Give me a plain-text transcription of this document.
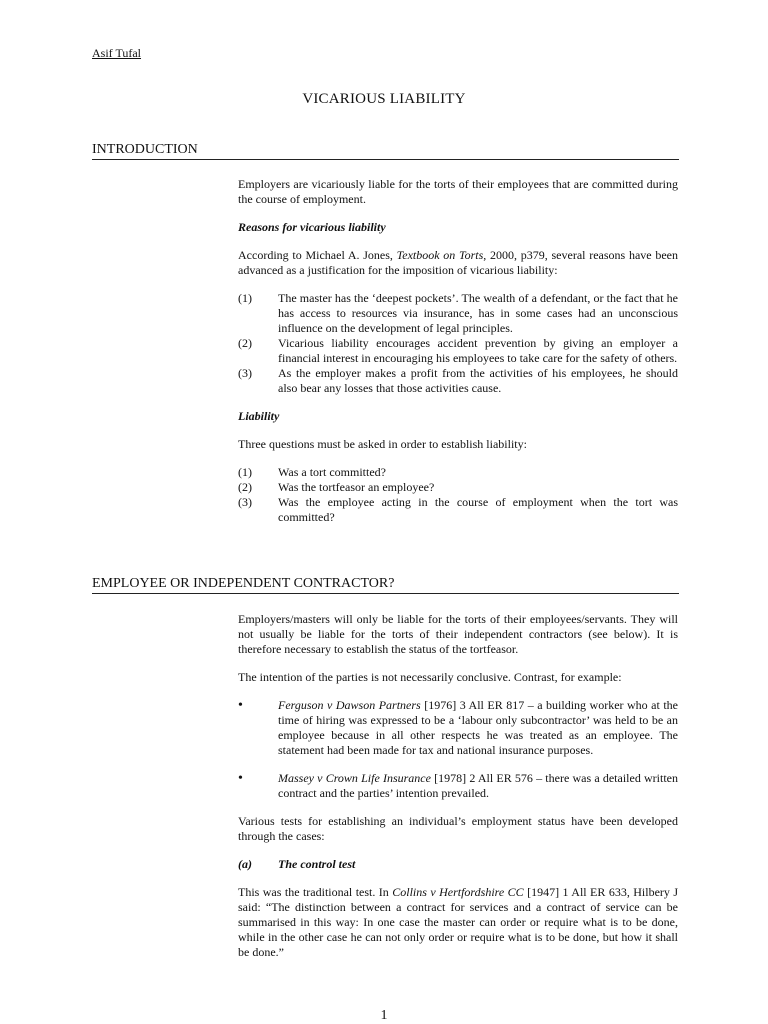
Asif Tufal
VICARIOUS LIABILITY
INTRODUCTION

Employers are vicariously liable for the torts of their employees that are committed during the course of employment.

Reasons for vicarious liability

According to Michael A. Jones, Textbook on Torts, 2000, p379, several reasons have been advanced as a justification for the imposition of vicarious liability:

(1)	The master has the ‘deepest pockets’. The wealth of a defendant, or the fact that he has access to resources via insurance, has in some cases had an unconscious influence on the development of legal principles.
(2)	Vicarious liability encourages accident prevention by giving an employer a financial interest in encouraging his employees to take care for the safety of others.
(3)	As the employer makes a profit from the activities of his employees, he should also bear any losses that those activities cause.

Liability

Three questions must be asked in order to establish liability:

(1)	Was a tort committed?
(2)	Was the tortfeasor an employee?
(3)	Was the employee acting in the course of employment when the tort was committed?
EMPLOYEE OR INDEPENDENT CONTRACTOR?

Employers/masters will only be liable for the torts of their employees/servants. They will not usually be liable for the torts of their independent contractors (see below). It is therefore necessary to establish the status of the tortfeasor.

The intention of the parties is not necessarily conclusive. Contrast, for example:

•	Ferguson v Dawson Partners [1976] 3 All ER 817 – a building worker who at the time of hiring was expressed to be a ‘labour only subcontractor’ was held to be an employee because in all other respects he was treated as an employee. The statement had been made for tax and national insurance purposes.
•	Massey v Crown Life Insurance [1978] 2 All ER 576 – there was a detailed written contract and the parties’ intention prevailed.

Various tests for establishing an individual’s employment status have been developed through the cases:

(a)	The control test

This was the traditional test. In Collins v Hertfordshire CC [1947] 1 All ER 633, Hilbery J said: “The distinction between a contract for services and a contract of service can be summarised in this way: In one case the master can order or require what is to be done, while in the other case he can not only order or require what is to be done, but how it shall be done.”

1
